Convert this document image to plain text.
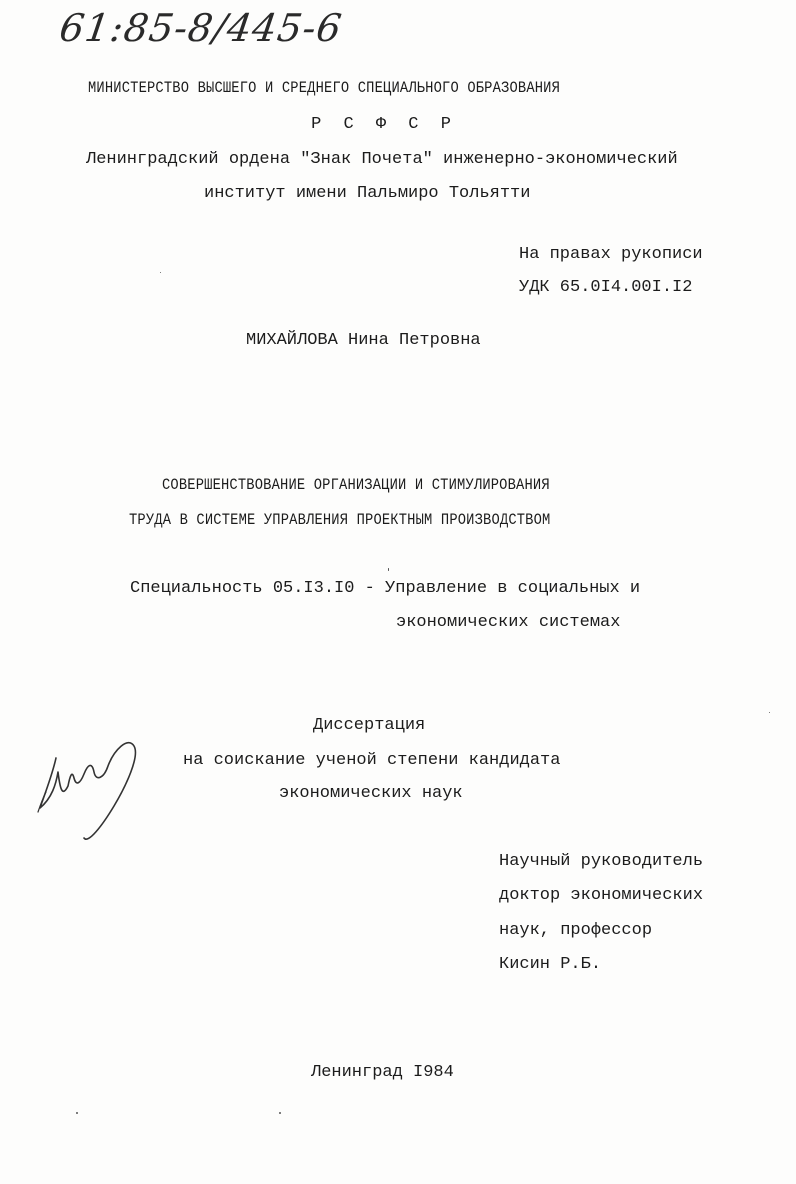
61:85-8/445-6
МИНИСТЕРСТВО ВЫСШЕГО И СРЕДНЕГО СПЕЦИАЛЬНОГО ОБРАЗОВАНИЯ
Р С Ф С Р
Ленинградский ордена "Знак Почета" инженерно-экономический
институт имени Пальмиро Тольятти
На правах рукописи
УДК 65.0I4.00I.I2
МИХАЙЛОВА Нина Петровна
СОВЕРШЕНСТВОВАНИЕ ОРГАНИЗАЦИИ И СТИМУЛИРОВАНИЯ
ТРУДА В СИСТЕМЕ УПРАВЛЕНИЯ ПРОЕКТНЫМ ПРОИЗВОДСТВОМ
Специальность 05.I3.I0 - Управление в социальных и
экономических системах
Диссертация
на соискание ученой степени кандидата
экономических наук
Научный руководитель
доктор экономических
наук, профессор
Кисин Р.Б.
Ленинград I984
